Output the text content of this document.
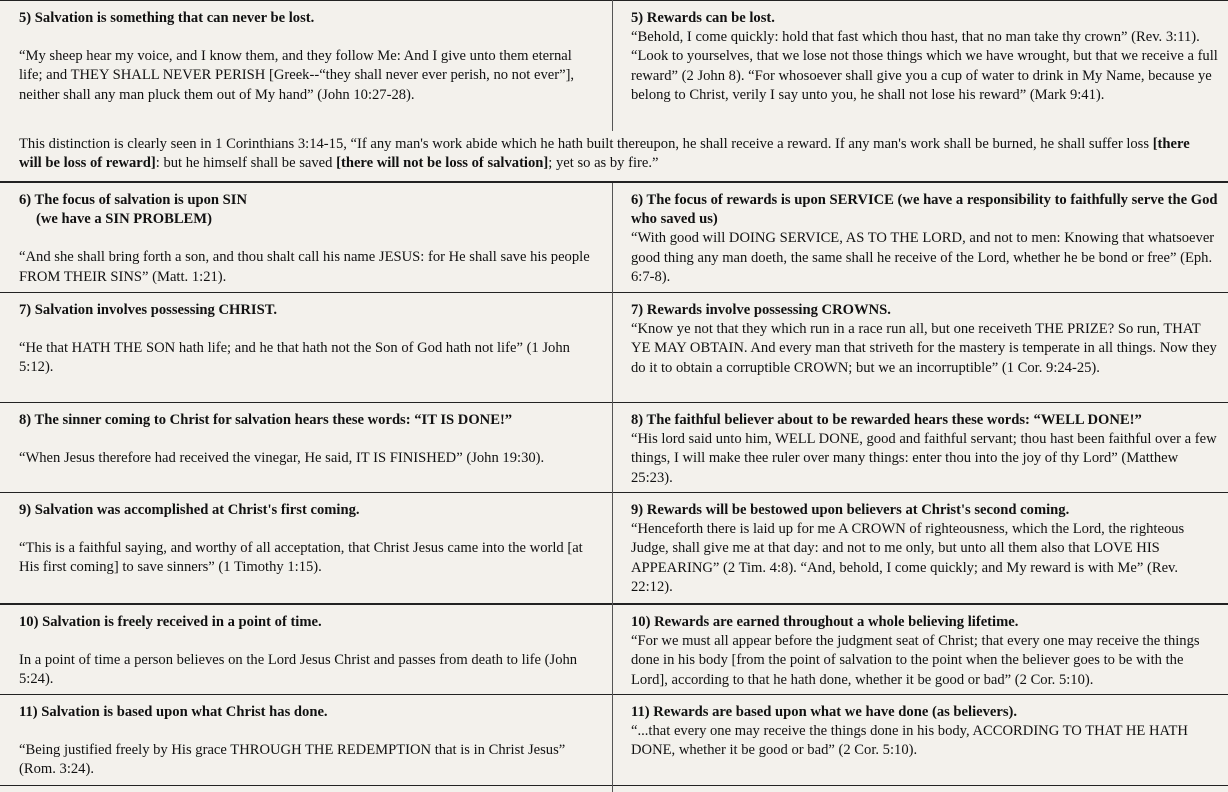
5) Salvation is something that can never be lost.
“My sheep hear my voice, and I know them, and they follow Me: And I give unto them eternal life; and THEY SHALL NEVER PERISH [Greek--“they shall never ever perish, no not ever”], neither shall any man pluck them out of My hand” (John 10:27-28).
5) Rewards can be lost.
“Behold, I come quickly: hold that fast which thou hast, that no man take thy crown” (Rev. 3:11). “Look to yourselves, that we lose not those things which we have wrought, but that we receive a full reward” (2 John 8). “For whosoever shall give you a cup of water to drink in My Name, because ye belong to Christ, verily I say unto you, he shall not lose his reward” (Mark 9:41).
This distinction is clearly seen in 1 Corinthians 3:14-15, “If any man's work abide which he hath built thereupon, he shall receive a reward. If any man's work shall be burned, he shall suffer loss [there will be loss of reward]: but he himself shall be saved [there will not be loss of salvation]; yet so as by fire.”
6) The focus of salvation is upon SIN
(we have a SIN PROBLEM)
“And she shall bring forth a son, and thou shalt call his name JESUS: for He shall save his people FROM THEIR SINS” (Matt. 1:21).
6) The focus of rewards is upon SERVICE (we have a responsibility to faithfully serve the God who saved us)
“With good will DOING SERVICE, AS TO THE LORD, and not to men: Knowing that whatsoever good thing any man doeth, the same shall he receive of the Lord, whether he be bond or free” (Eph. 6:7-8).
7) Salvation involves possessing CHRIST.
“He that HATH THE SON hath life; and he that hath not the Son of God hath not life” (1 John 5:12).
7) Rewards involve possessing CROWNS.
“Know ye not that they which run in a race run all, but one receiveth THE PRIZE? So run, THAT YE MAY OBTAIN. And every man that striveth for the mastery is temperate in all things. Now they do it to obtain a corruptible CROWN; but we an incorruptible” (1 Cor. 9:24-25).
8) The sinner coming to Christ for salvation hears these words: “IT IS DONE!”
“When Jesus therefore had received the vinegar, He said, IT IS FINISHED” (John 19:30).
8) The faithful believer about to be rewarded hears these words: “WELL DONE!”
“His lord said unto him, WELL DONE, good and faithful servant; thou hast been faithful over a few things, I will make thee ruler over many things: enter thou into the joy of thy Lord” (Matthew 25:23).
9) Salvation was accomplished at Christ's first coming.
“This is a faithful saying, and worthy of all acceptation, that Christ Jesus came into the world [at His first coming] to save sinners” (1 Timothy 1:15).
9) Rewards will be bestowed upon believers at Christ's second coming.
“Henceforth there is laid up for me A CROWN of righteousness, which the Lord, the righteous Judge, shall give me at that day: and not to me only, but unto all them also that LOVE HIS APPEARING” (2 Tim. 4:8). “And, behold, I come quickly; and My reward is with Me” (Rev. 22:12).
10) Salvation is freely received in a point of time.
In a point of time a person believes on the Lord Jesus Christ and passes from death to life (John 5:24).
10) Rewards are earned throughout a whole believing lifetime.
“For we must all appear before the judgment seat of Christ; that every one may receive the things done in his body [from the point of salvation to the point when the believer goes to be with the Lord], according to that he hath done, whether it be good or bad” (2 Cor. 5:10).
11) Salvation is based upon what Christ has done.
“Being justified freely by His grace THROUGH THE REDEMPTION that is in Christ Jesus” (Rom. 3:24).
11) Rewards are based upon what we have done (as believers).
“...that every one may receive the things done in his body, ACCORDING TO THAT HE HATH DONE, whether it be good or bad” (2 Cor. 5:10).
